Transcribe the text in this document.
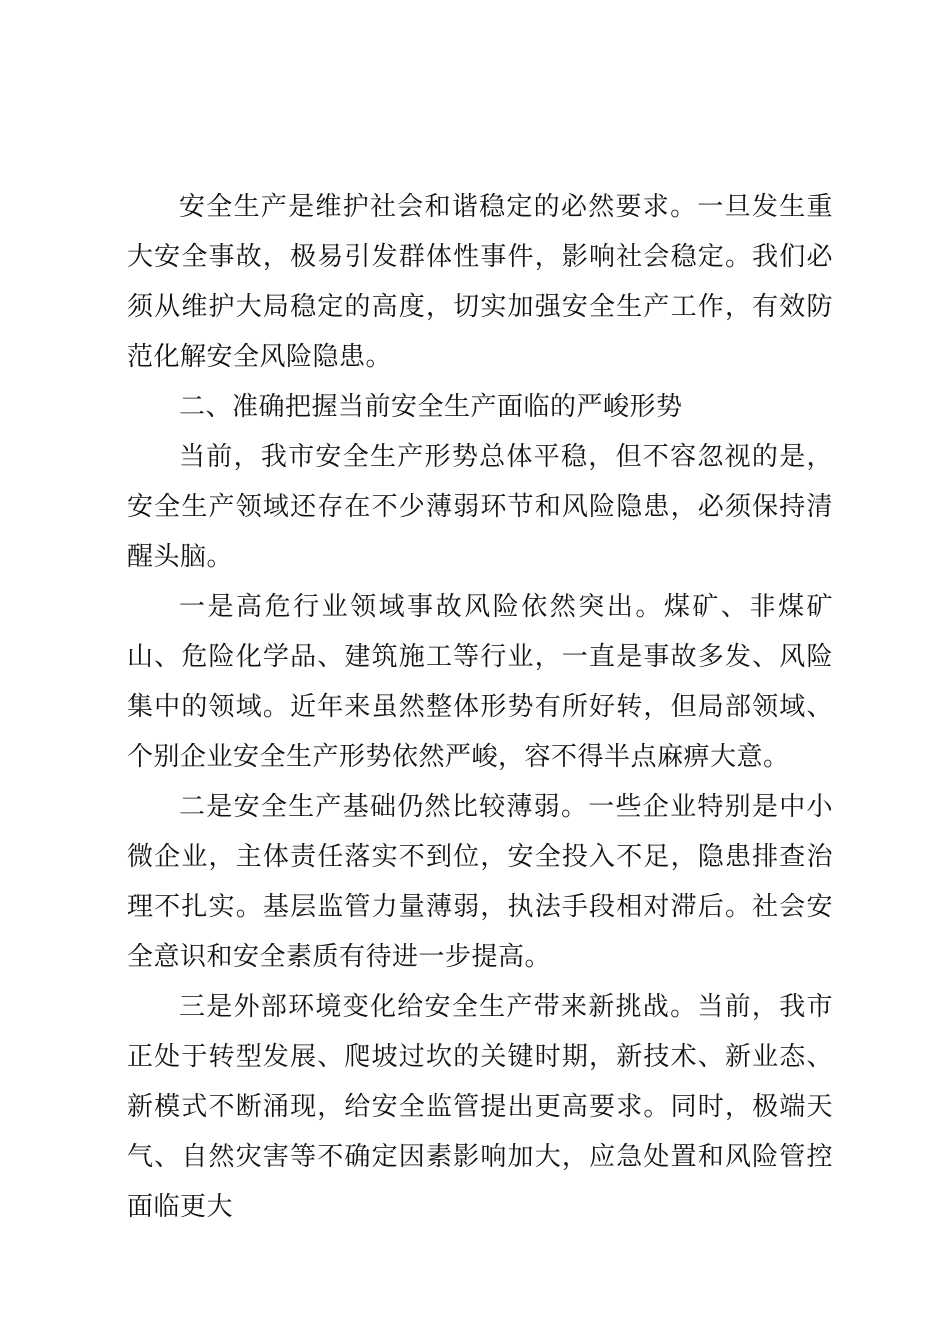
安全生产是维护社会和谐稳定的必然要求。一旦发生重大安全事故，极易引发群体性事件，影响社会稳定。我们必须从维护大局稳定的高度，切实加强安全生产工作，有效防范化解安全风险隐患。

二、准确把握当前安全生产面临的严峻形势

当前，我市安全生产形势总体平稳，但不容忽视的是，安全生产领域还存在不少薄弱环节和风险隐患，必须保持清醒头脑。

一是高危行业领域事故风险依然突出。煤矿、非煤矿山、危险化学品、建筑施工等行业，一直是事故多发、风险集中的领域。近年来虽然整体形势有所好转，但局部领域、个别企业安全生产形势依然严峻，容不得半点麻痹大意。

二是安全生产基础仍然比较薄弱。一些企业特别是中小微企业，主体责任落实不到位，安全投入不足，隐患排查治理不扎实。基层监管力量薄弱，执法手段相对滞后。社会安全意识和安全素质有待进一步提高。

三是外部环境变化给安全生产带来新挑战。当前，我市正处于转型发展、爬坡过坎的关键时期，新技术、新业态、新模式不断涌现，给安全监管提出更高要求。同时，极端天气、自然灾害等不确定因素影响加大，应急处置和风险管控面临更大
